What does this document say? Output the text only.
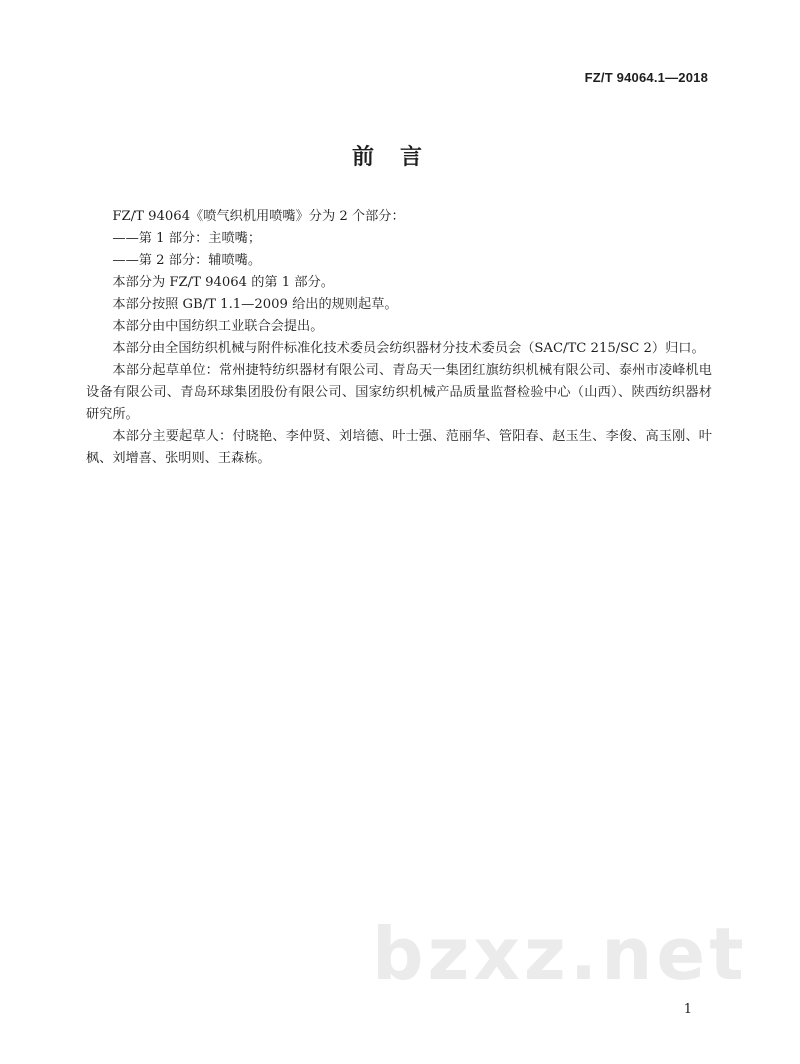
FZ/T 94064.1—2018
前言

FZ/T 94064《喷气织机用喷嘴》分为 2 个部分：

——第 1 部分：主喷嘴；

——第 2 部分：辅喷嘴。

本部分为 FZ/T 94064 的第 1 部分。

本部分按照 GB/T 1.1—2009 给出的规则起草。

本部分由中国纺织工业联合会提出。

本部分由全国纺织机械与附件标准化技术委员会纺织器材分技术委员会（SAC/TC 215/SC 2）归口。

本部分起草单位：常州捷特纺织器材有限公司、青岛天一集团红旗纺织机械有限公司、泰州市凌峰机电设备有限公司、青岛环球集团股份有限公司、国家纺织机械产品质量监督检验中心（山西）、陕西纺织器材研究所。

本部分主要起草人：付晓艳、李仲贤、刘培德、叶士强、范丽华、管阳春、赵玉生、李俊、高玉刚、叶枫、刘增喜、张明则、王森栋。

bzxz.net
1
